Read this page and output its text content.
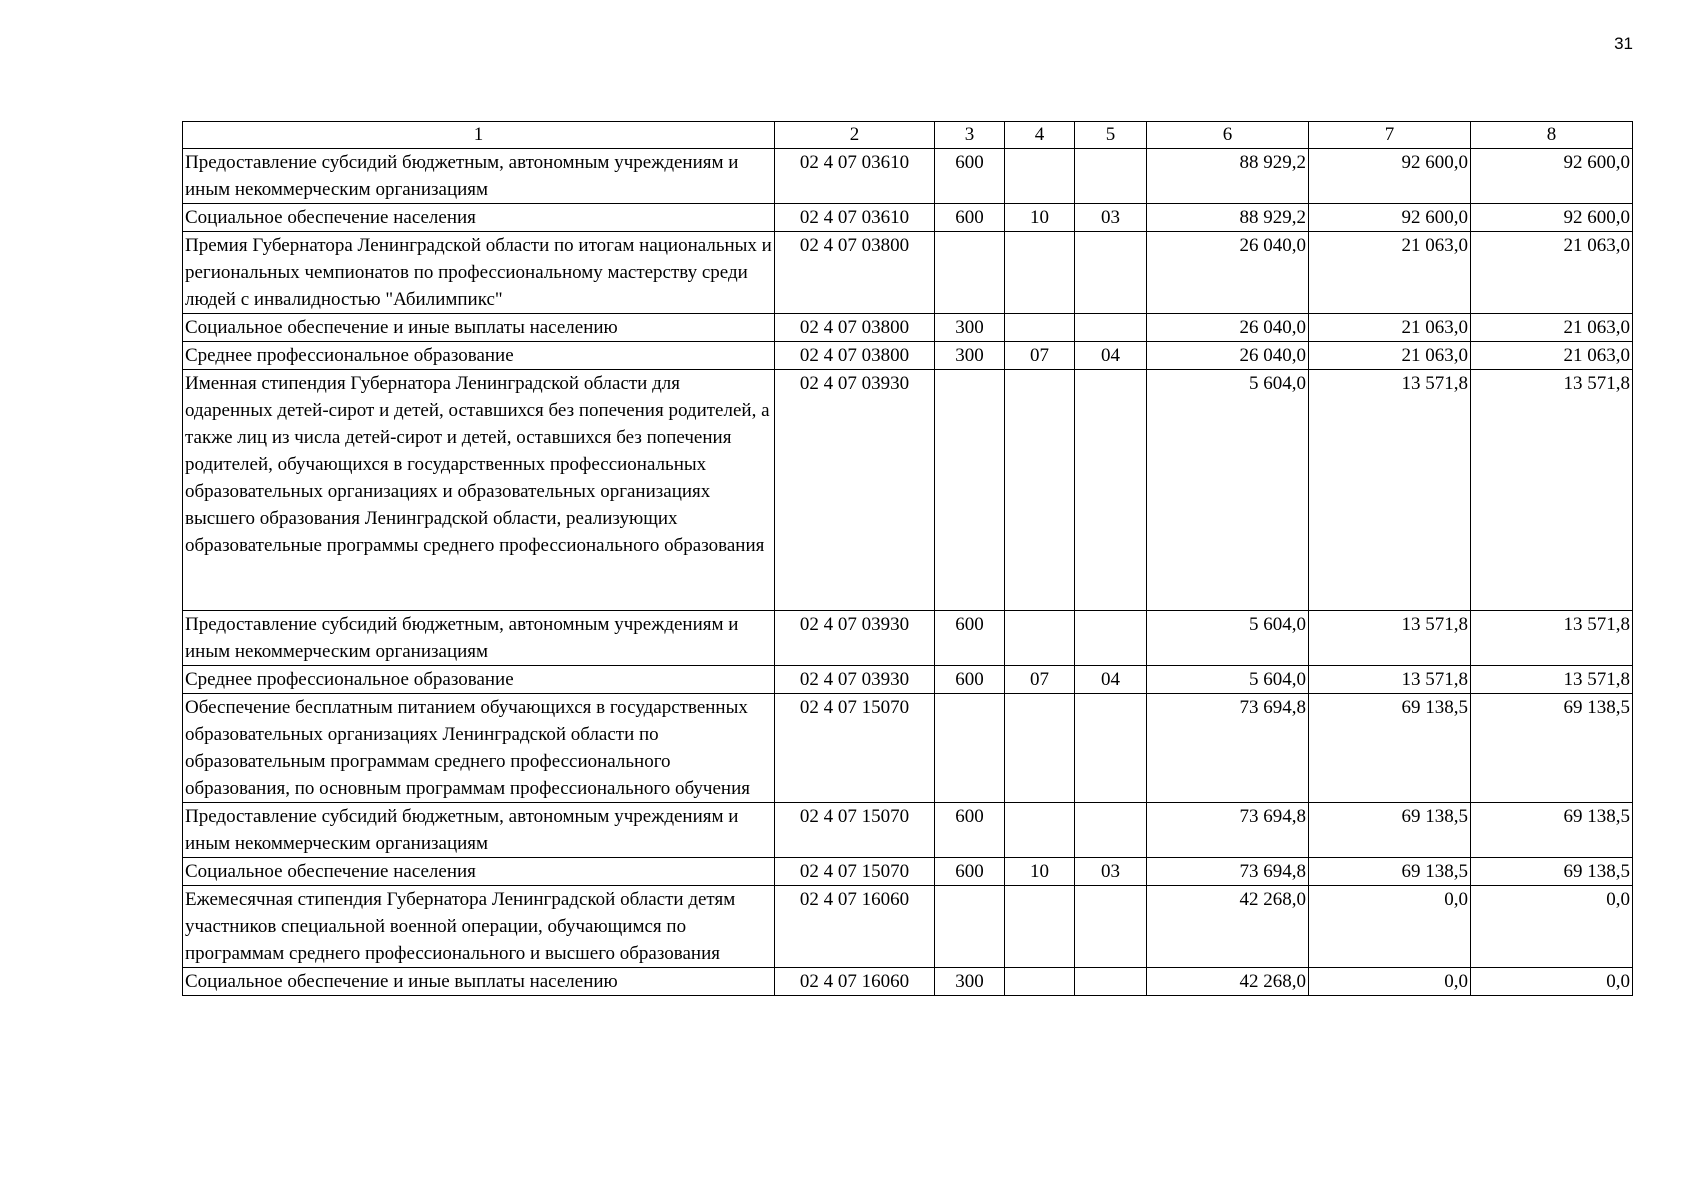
31
1	2	3	4	5	6	7	8
Предоставление субсидий бюджетным, автономным учреждениям и иным некоммерческим организациям	02 4 07 03610	600			88 929,2	92 600,0	92 600,0
Социальное обеспечение населения	02 4 07 03610	600	10	03	88 929,2	92 600,0	92 600,0
Премия Губернатора Ленинградской области по итогам национальных и региональных чемпионатов по профессиональному мастерству среди людей с инвалидностью "Абилимпикс"	02 4 07 03800				26 040,0	21 063,0	21 063,0
Социальное обеспечение и иные выплаты населению	02 4 07 03800	300			26 040,0	21 063,0	21 063,0
Среднее профессиональное образование	02 4 07 03800	300	07	04	26 040,0	21 063,0	21 063,0
Именная стипендия Губернатора Ленинградской области для одаренных детей-сирот и детей, оставшихся без попечения родителей, а также лиц из числа детей-сирот и детей, оставшихся без попечения родителей, обучающихся в государственных профессиональных образовательных организациях и образовательных организациях высшего образования Ленинградской области, реализующих образовательные программы среднего профессионального образования	02 4 07 03930				5 604,0	13 571,8	13 571,8
Предоставление субсидий бюджетным, автономным учреждениям и иным некоммерческим организациям	02 4 07 03930	600			5 604,0	13 571,8	13 571,8
Среднее профессиональное образование	02 4 07 03930	600	07	04	5 604,0	13 571,8	13 571,8
Обеспечение бесплатным питанием обучающихся в государственных образовательных организациях Ленинградской области по образовательным программам среднего профессионального образования, по основным программам профессионального обучения	02 4 07 15070				73 694,8	69 138,5	69 138,5
Предоставление субсидий бюджетным, автономным учреждениям и иным некоммерческим организациям	02 4 07 15070	600			73 694,8	69 138,5	69 138,5
Социальное обеспечение населения	02 4 07 15070	600	10	03	73 694,8	69 138,5	69 138,5
Ежемесячная стипендия Губернатора Ленинградской области детям участников специальной военной операции, обучающимся по программам среднего профессионального и высшего образования	02 4 07 16060				42 268,0	0,0	0,0
Социальное обеспечение и иные выплаты населению	02 4 07 16060	300			42 268,0	0,0	0,0
